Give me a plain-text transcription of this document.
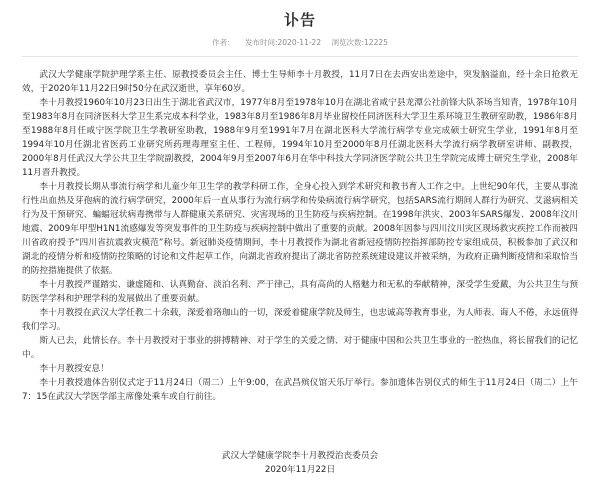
讣告
作者： 发布时间:2020-11-22 浏览次数:12225

武汉大学健康学院护理学系主任、原教授委员会主任、博士生导师李十月教授，11月7日在去西安出差途中，突发脑溢血，经十余日抢救无效，于2020年11月22日9时50分在武汉逝世，享年60岁。

李十月教授1960年10月23日出生于湖北省武汉市，1977年8月至1978年10月在湖北省咸宁县龙潭公社前锋大队茶场当知青，1978年10月至1983年8月在同济医科大学卫生系完成本科学业，1983年8月至1986年8月毕业留校任同济医科大学卫生系环境卫生教研室助教，1986年8月至1988年8月任咸宁医学院卫生学教研室助教，1988年9月至1991年7月在湖北医科大学流行病学专业完成硕士研究生学业，1991年8月至1994年10月任湖北省医药工业研究所药理毒理室主任、工程师，1994年10月至2000年8月任湖北医科大学流行病学教研室讲师、副教授，2000年8月任武汉大学公共卫生学院副教授，2004年9月至2007年6月在华中科技大学同济医学院公共卫生学院完成博士研究生学业，2008年11月晋升教授。

李十月教授长期从事流行病学和儿童少年卫生学的教学科研工作，全身心投入到学术研究和教书育人工作之中。上世纪90年代，主要从事流行性出血热及芽孢病的流行病学研究，2000年后一直从事行为流行病学和传染病流行病学研究，包括SARS流行期间人群行为研究、艾滋病相关行为及干预研究、蝙蝠冠状病毒携带与人群健康关系研究、灾害现场的卫生防疫与疾病控制。在1998年洪灾、2003年SARS爆发、2008年汶川地震、2009年甲型H1N1流感爆发等突发事件的卫生防疫与疾病控制中做出了重要的贡献。2008年因参与四川汶川灾区现场救灾疾控工作而被四川省政府授予“四川省抗震救灾模范”称号。新冠肺炎疫情期间，李十月教授作为湖北省新冠疫情防控指挥部防控专家组成员，积极参加了武汉和湖北的疫情分析和疫情防控策略的讨论和文件起草工作，向湖北省政府提出了湖北省防控系统建设建议并被采纳，为政府正确判断疫情和采取恰当的防控措施提供了依据。

李十月教授严谨踏实、谦虚随和、认真勤奋、淡泊名利、严于律己，具有高尚的人格魅力和无私的奉献精神，深受学生爱戴，为公共卫生与预防医学学科和护理学科的发展做出了重要贡献。

李十月教授在武汉大学任教二十余载，深爱着珞珈山的一切，深爱着健康学院及师生，也忠诚高等教育事业，为人师表、诲人不倦，永远值得我们学习。

斯人已去，此情长存。李十月教授对于事业的拼搏精神、对于学生的关爱之情、对于健康中国和公共卫生事业的一腔热血，将长留我们的记忆中。

李十月教授安息！

李十月教授遗体告别仪式定于11月24日（周二）上午9:00，在武昌殡仪馆天乐厅举行。参加遗体告别仪式的师生于11月24日（周二）上午7：15在武汉大学医学部主席像处乘车或自行前往。

武汉大学健康学院李十月教授治丧委员会
2020年11月22日
